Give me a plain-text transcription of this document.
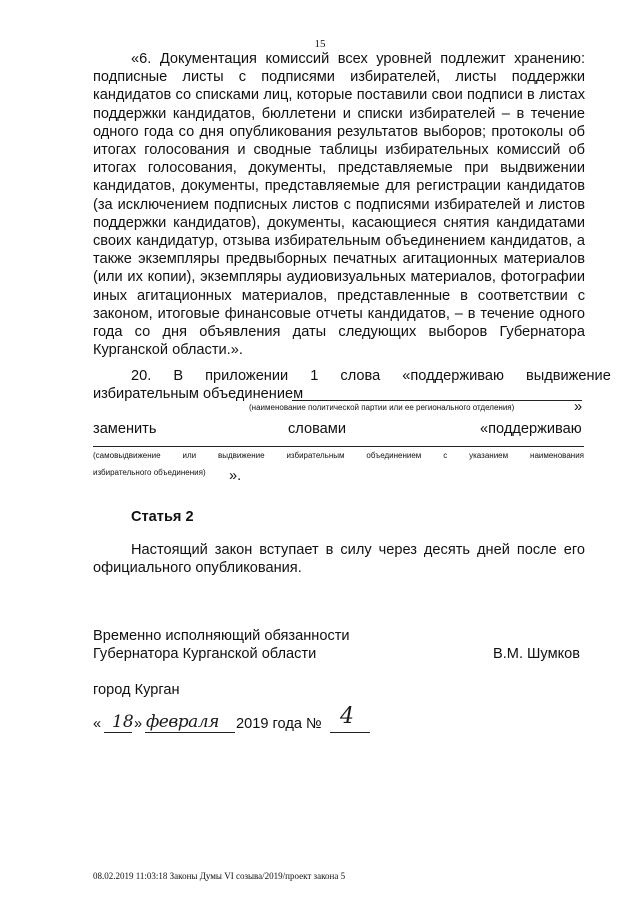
15

«6. Документация комиссий всех уровней подлежит хранению: подписные листы с подписями избирателей, листы поддержки кандидатов со списками лиц, которые поставили свои подписи в листах поддержки кандидатов, бюллетени и списки избирателей – в течение одного года со дня опубликования результатов выборов; протоколы об итогах голосования и сводные таблицы избирательных комиссий об итогах голосования, документы, представляемые при выдвижении кандидатов, документы, представляемые для регистрации кандидатов (за исключением подписных листов с подписями избирателей и листов поддержки кандидатов), документы, касающиеся снятия кандидатами своих кандидатур, отзыва избирательным объединением кандидатов, а также экземпляры предвыборных печатных агитационных материалов (или их копии), экземпляры аудиовизуальных материалов, фотографии иных агитационных материалов, представленные в соответствии с законом, итоговые финансовые отчеты кандидатов, – в течение одного года со дня объявления даты следующих выборов Губернатора Курганской области.».

20. В приложении 1 слова «поддерживаю выдвижение
избирательным объединением
(наименование политической партии или ее регионального отделения)	»
заменить	словами	«поддерживаю
(самовыдвижение или выдвижение избирательным объединением с указанием наименования
избирательного объединения) ».
Статья 2

Настоящий закон вступает в силу через десять дней после его официального опубликования.

Временно исполняющий обязанности
Губернатора Курганской области	В.М. Шумков
город Курган
« 18 » февраля 2019 года № 4
08.02.2019 11:03:18 Законы Думы VI созыва/2019/проект закона 5
